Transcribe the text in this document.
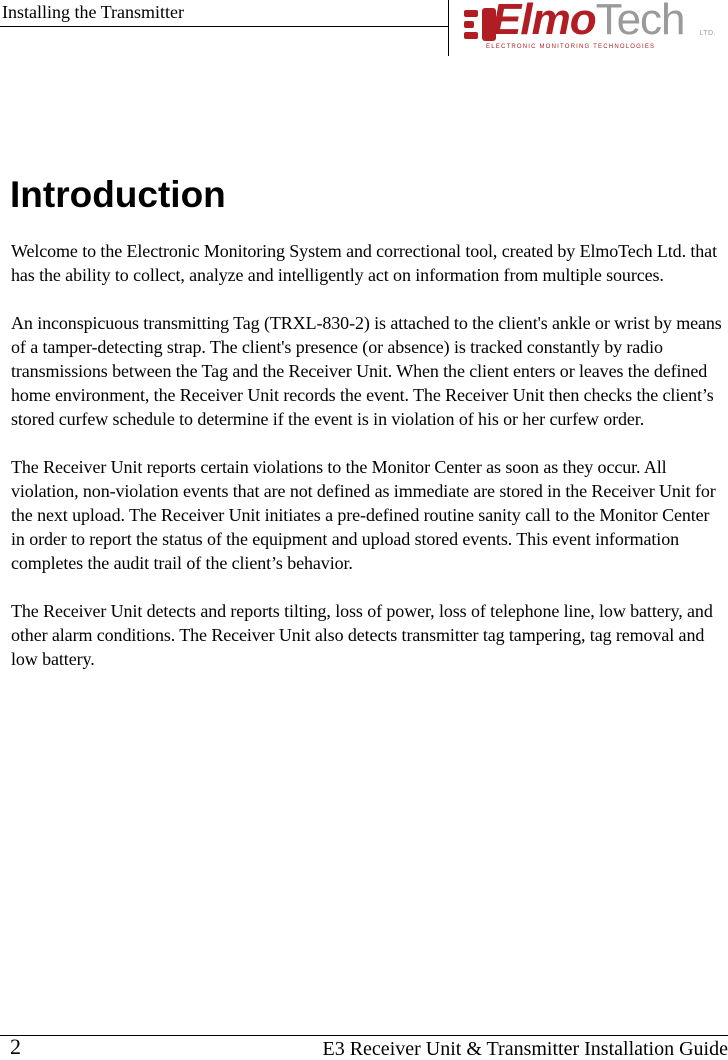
Installing the Transmitter	ElmoTech LTD.
ELECTRONIC MONITORING TECHNOLOGIES
Introduction

Welcome to the Electronic Monitoring System and correctional tool, created by ElmoTech Ltd. that has the ability to collect, analyze and intelligently act on information from multiple sources.

An inconspicuous transmitting Tag (TRXL-830-2) is attached to the client's ankle or wrist by means of a tamper-detecting strap. The client's presence (or absence) is tracked constantly by radio transmissions between the Tag and the Receiver Unit. When the client enters or leaves the defined home environment, the Receiver Unit records the event. The Receiver Unit then checks the client’s stored curfew schedule to determine if the event is in violation of his or her curfew order.

The Receiver Unit reports certain violations to the Monitor Center as soon as they occur. All violation, non-violation events that are not defined as immediate are stored in the Receiver Unit for the next upload. The Receiver Unit initiates a pre-defined routine sanity call to the Monitor Center in order to report the status of the equipment and upload stored events. This event information completes the audit trail of the client’s behavior.

The Receiver Unit detects and reports tilting, loss of power, loss of telephone line, low battery, and other alarm conditions. The Receiver Unit also detects transmitter tag tampering, tag removal and low battery.

2	E3 Receiver Unit & Transmitter Installation Guide
